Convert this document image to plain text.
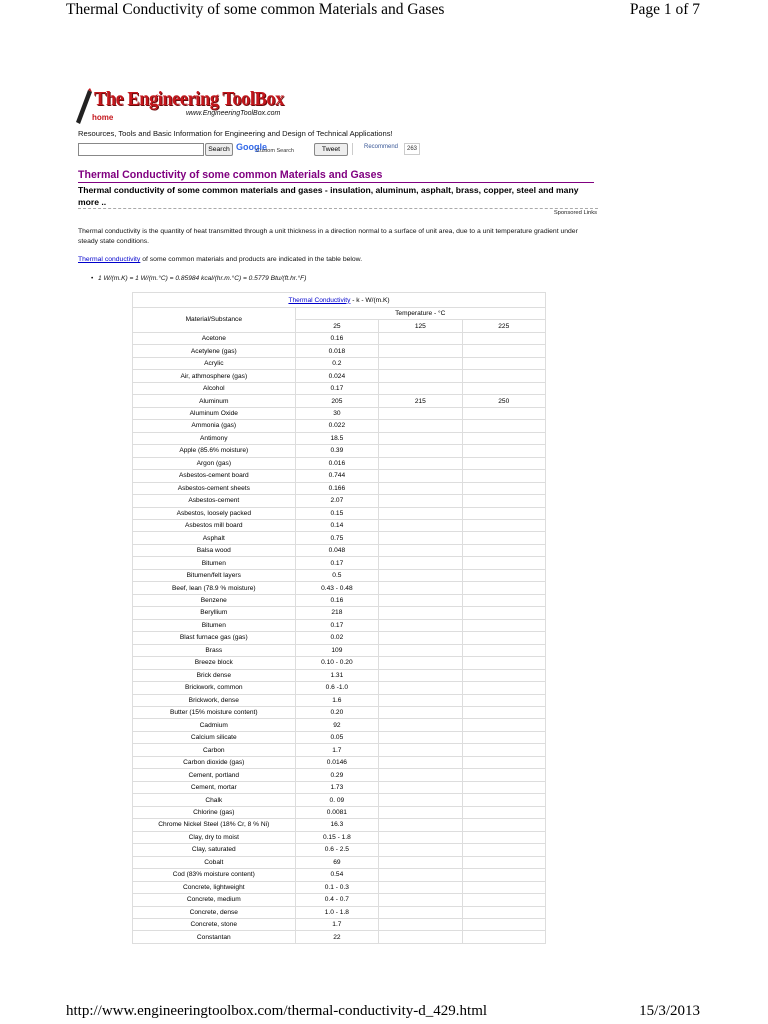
Thermal Conductivity of some common Materials and Gases	Page 1 of 7
The Engineering ToolBox
home	www.EngineeringToolBox.com
Resources, Tools and Basic Information for Engineering and Design of Technical Applications!
Search Google
Custom Search	Tweet	Recommend	263
Thermal Conductivity of some common Materials and Gases
Thermal conductivity of some common materials and gases - insulation, aluminum, asphalt, brass, copper, steel and many more ..
Sponsored Links
Thermal conductivity is the quantity of heat transmitted through a unit thickness in a direction normal to a surface of unit area, due to a unit temperature gradient under steady state conditions.
Thermal conductivity of some common materials and products are indicated in the table below.
• 1 W/(m.K) = 1 W/(m.°C) = 0.85984 kcal/(hr.m.°C) = 0.5779 Btu/(ft.hr.°F)
Thermal Conductivity - k - W/(m.K)			
Material/Substance	Temperature - °C		
	25	125	225
Acetone	0.16		
Acetylene (gas)	0.018		
Acrylic	0.2		
Air, athmosphere (gas)	0.024		
Alcohol	0.17		
Aluminum	205	215	250
Aluminum Oxide	30		
Ammonia (gas)	0.022		
Antimony	18.5		
Apple (85.6% moisture)	0.39		
Argon (gas)	0.016		
Asbestos-cement board	0.744		
Asbestos-cement sheets	0.166		
Asbestos-cement	2.07		
Asbestos, loosely packed	0.15		
Asbestos mill board	0.14		
Asphalt	0.75		
Balsa wood	0.048		
Bitumen	0.17		
Bitumen/felt layers	0.5		
Beef, lean (78.9 % moisture)	0.43 - 0.48		
Benzene	0.16		
Beryllium	218		
Bitumen	0.17		
Blast furnace gas (gas)	0.02		
Brass	109		
Breeze block	0.10 - 0.20		
Brick dense	1.31		
Brickwork, common	0.6 -1.0		
Brickwork, dense	1.6		
Butter (15% moisture content)	0.20		
Cadmium	92		
Calcium silicate	0.05		
Carbon	1.7		
Carbon dioxide (gas)	0.0146		
Cement, portland	0.29		
Cement, mortar	1.73		
Chalk	0. 09		
Chlorine (gas)	0.0081		
Chrome Nickel Steel (18% Cr, 8 % Ni)	16.3		
Clay, dry to moist	0.15 - 1.8		
Clay, saturated	0.6 - 2.5		
Cobalt	69		
Cod (83% moisture content)	0.54		
Concrete, lightweight	0.1 - 0.3		
Concrete, medium	0.4 - 0.7		
Concrete, dense	1.0 - 1.8		
Concrete, stone	1.7		
Constantan	22		
http://www.engineeringtoolbox.com/thermal-conductivity-d_429.html	15/3/2013
